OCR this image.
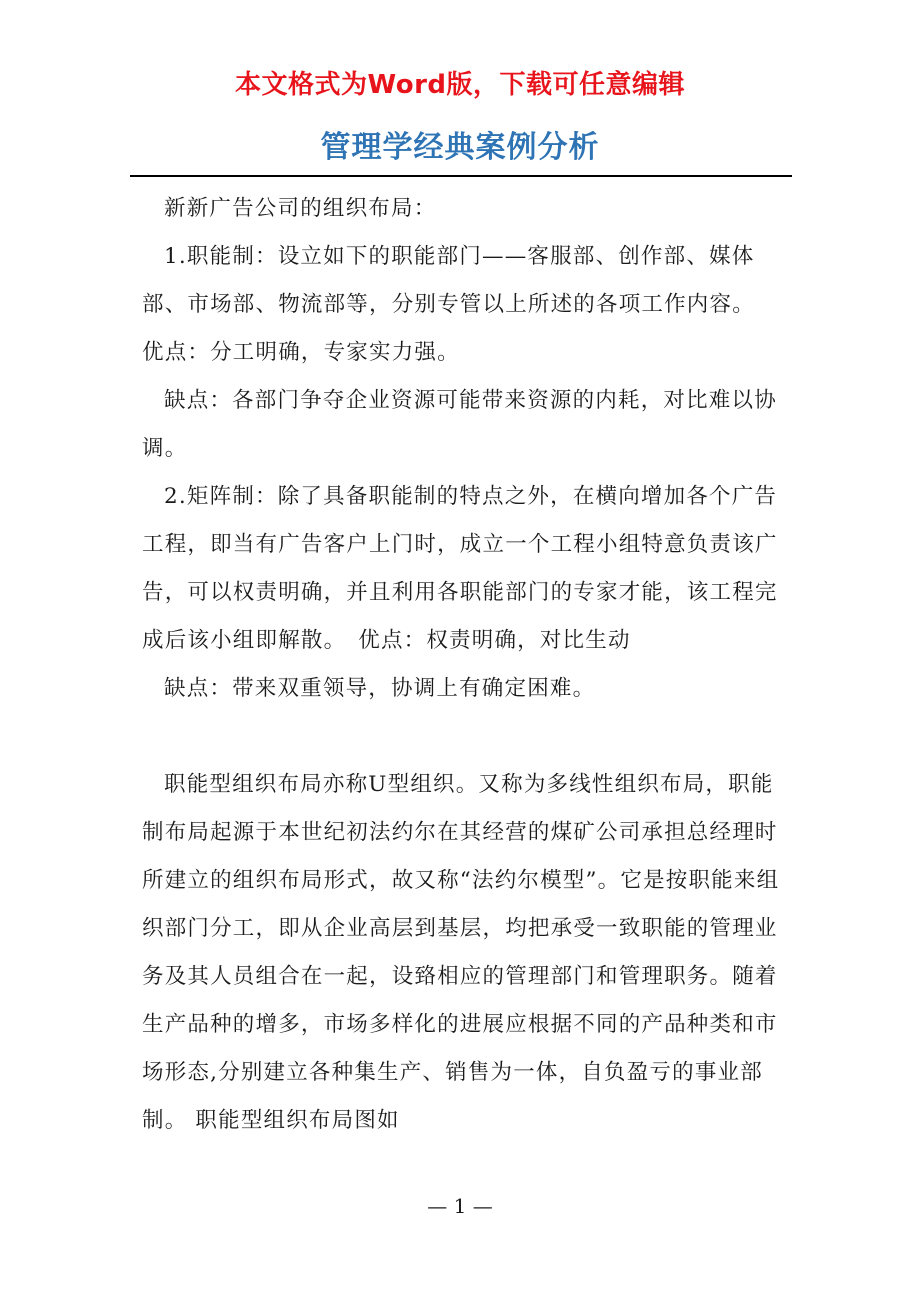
本文格式为Word版，下载可任意编辑
管理学经典案例分析

新新广告公司的组织布局：

1.职能制：设立如下的职能部门——客服部、创作部、媒体部、市场部、物流部等，分别专管以上所述的各项工作内容。　优点：分工明确，专家实力强。

缺点：各部门争夺企业资源可能带来资源的内耗，对比难以协调。

2.矩阵制：除了具备职能制的特点之外，在横向增加各个广告工程，即当有广告客户上门时，成立一个工程小组特意负责该广告，可以权责明确，并且利用各职能部门的专家才能，该工程完成后该小组即解散。　优点：权责明确，对比生动

缺点：带来双重领导，协调上有确定困难。

职能型组织布局亦称U型组织。又称为多线性组织布局，职能制布局起源于本世纪初法约尔在其经营的煤矿公司承担总经理时所建立的组织布局形式，故又称“法约尔模型”。它是按职能来组织部门分工，即从企业高层到基层，均把承受一致职能的管理业务及其人员组合在一起，设臵相应的管理部门和管理职务。随着生产品种的增多，市场多样化的进展应根据不同的产品种类和市场形态,分别建立各种集生产、销售为一体，自负盈亏的事业部制。 职能型组织布局图如

— 1 —
